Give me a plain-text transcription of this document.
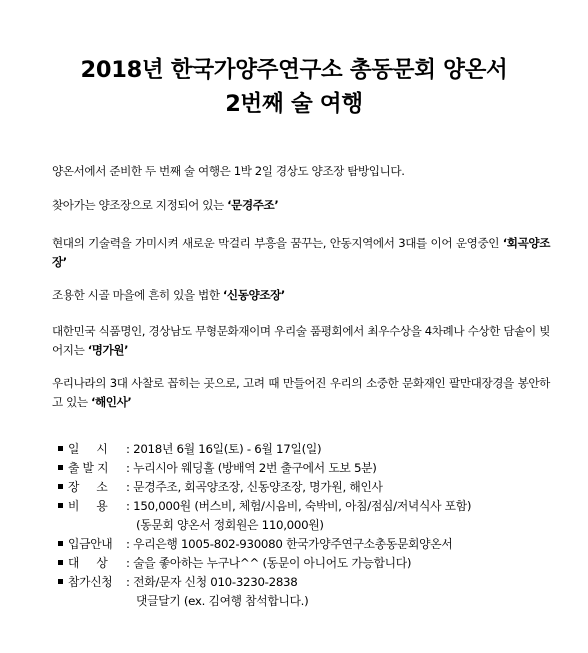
2018년 한국가양주연구소 총동문회 양온서
2번째 술 여행

양온서에서 준비한 두 번째 술 여행은 1박 2일 경상도 양조장 탐방입니다.

찾아가는 양조장으로 지정되어 있는 ‘문경주조’

현대의 기술력을 가미시켜 새로운 막걸리 부흥을 꿈꾸는, 안동지역에서 3대를 이어 운영중인 ‘회곡양조장’

조용한 시골 마을에 흔히 있을 법한 ‘신동양조장’

대한민국 식품명인, 경상남도 무형문화재이며 우리술 품평회에서 최우수상을 4차례나 수상한 담솥이 빚어지는 ‘명가원’

우리나라의 3대 사찰로 꼽히는 곳으로, 고려 때 만들어진 우리의 소중한 문화재인 팔만대장경을 봉안하고 있는 ‘해인사’

일     시 : 2018년 6월 16일(토) - 6월 17일(일)
출 발 지 : 누리시아 웨딩홀 (방배역 2번 출구에서 도보 5분)
장     소 : 문경주조, 회곡양조장, 신동양조장, 명가원, 해인사
비     용 : 150,000원 (버스비, 체험/시음비, 숙박비, 아침/점심/저녁식사 포함)
(동문회 양온서 정회원은 110,000원)
입금안내 : 우리은행 1005-802-930080 한국가양주연구소총동문회양온서
대     상 : 술을 좋아하는 누구나^^ (동문이 아니어도 가능합니다)
참가신청 : 전화/문자 신청 010-3230-2838
댓글달기 (ex. 김여행 참석합니다.)
